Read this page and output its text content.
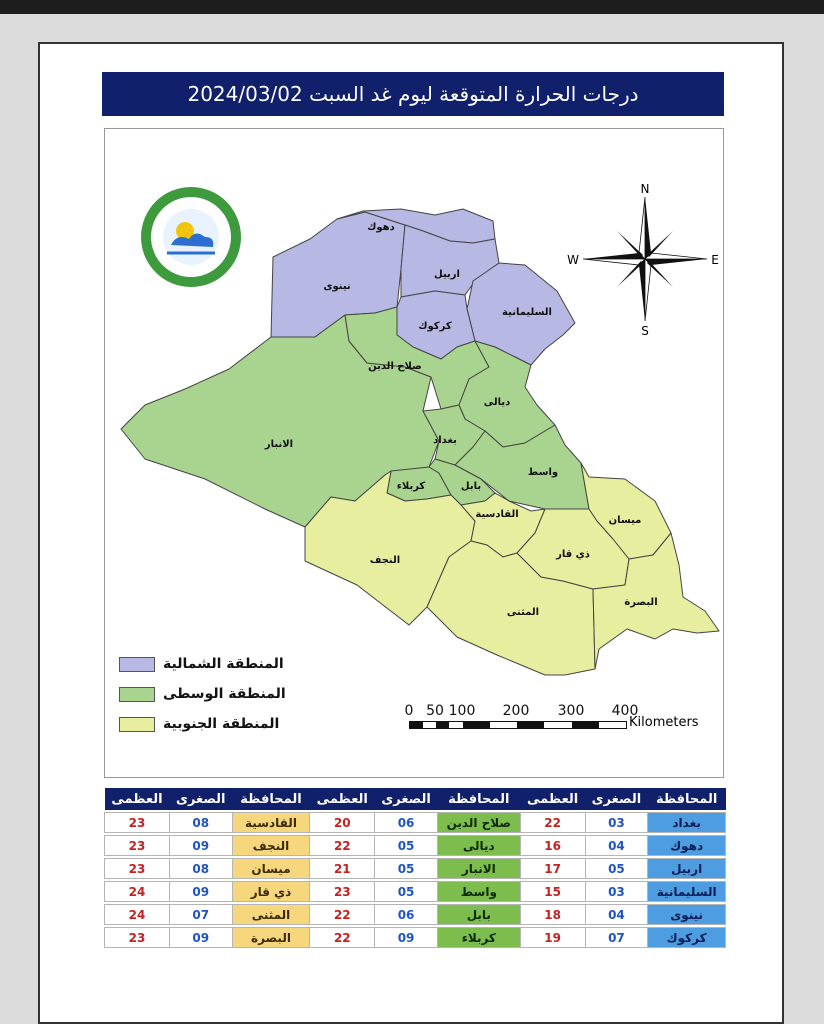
درجات الحرارة المتوقعة ليوم غد السبت 2024/03/02
دهوك
نينوى
اربيل
السليمانية
كركوك
صلاح الدين
ديالى
الانبار	بغداد
واسط
كربلاء	بابل
القادسية
ميسان
ذي قار
النجف
المثنى
البصرة
N
S
E
W
المنطقة الشمالية
المنطقة الوسطى
المنطقة الجنوبية
0 50 100 200 300 400
Kilometers
المحافظة	الصغرى	العظمى	المحافظة	الصغرى	العظمى	المحافظة	الصغرى	العظمى

بغداد	03	22	صلاح الدين	06	20	القادسية	08	23

دهوك	04	16	ديالى	05	22	النجف	09	23

اربيل	05	17	الانبار	05	21	ميسان	08	23

السليمانية	03	15	واسط	05	23	ذي قار	09	24

نينوى	04	18	بابل	06	22	المثنى	07	24

كركوك	07	19	كربلاء	09	22	البصرة	09	23
